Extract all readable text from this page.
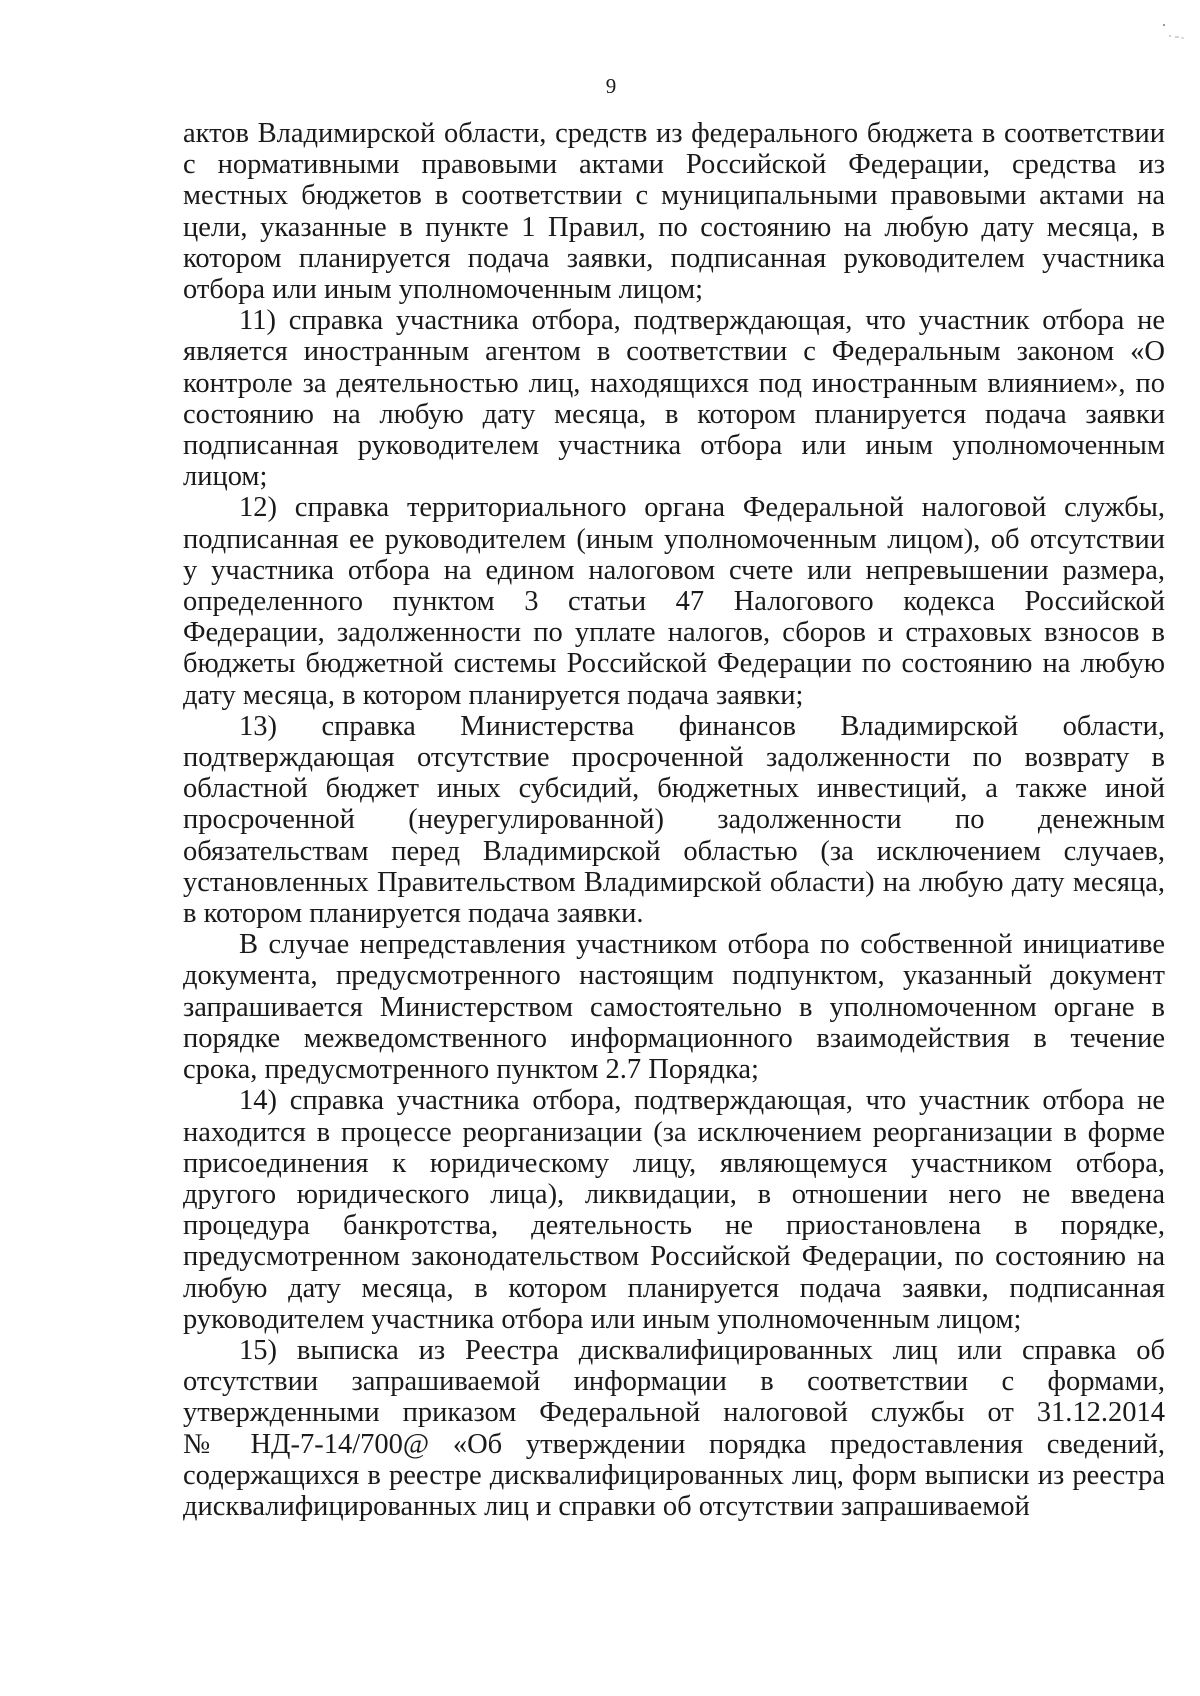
9
актов Владимирской области, средств из федерального бюджета в соответствии
с нормативными правовыми актами Российской Федерации, средства из
местных бюджетов в соответствии с муниципальными правовыми актами на
цели, указанные в пункте 1 Правил, по состоянию на любую дату месяца, в
котором планируется подача заявки, подписанная руководителем участника
отбора или иным уполномоченным лицом;
11) справка участника отбора, подтверждающая, что участник отбора не
является иностранным агентом в соответствии с Федеральным законом «О
контроле за деятельностью лиц, находящихся под иностранным влиянием», по
состоянию на любую дату месяца, в котором планируется подача заявки
подписанная руководителем участника отбора или иным уполномоченным
лицом;
12) справка территориального органа Федеральной налоговой службы,
подписанная ее руководителем (иным уполномоченным лицом), об отсутствии
у участника отбора на едином налоговом счете или непревышении размера,
определенного пунктом 3 статьи 47 Налогового кодекса Российской
Федерации, задолженности по уплате налогов, сборов и страховых взносов в
бюджеты бюджетной системы Российской Федерации по состоянию на любую
дату месяца, в котором планируется подача заявки;
13) справка Министерства финансов Владимирской области,
подтверждающая отсутствие просроченной задолженности по возврату в
областной бюджет иных субсидий, бюджетных инвестиций, а также иной
просроченной (неурегулированной) задолженности по денежным
обязательствам перед Владимирской областью (за исключением случаев,
установленных Правительством Владимирской области) на любую дату месяца,
в котором планируется подача заявки.
В случае непредставления участником отбора по собственной инициативе
документа, предусмотренного настоящим подпунктом, указанный документ
запрашивается Министерством самостоятельно в уполномоченном органе в
порядке межведомственного информационного взаимодействия в течение
срока, предусмотренного пунктом 2.7 Порядка;
14) справка участника отбора, подтверждающая, что участник отбора не
находится в процессе реорганизации (за исключением реорганизации в форме
присоединения к юридическому лицу, являющемуся участником отбора,
другого юридического лица), ликвидации, в отношении него не введена
процедура банкротства, деятельность не приостановлена в порядке,
предусмотренном законодательством Российской Федерации, по состоянию на
любую дату месяца, в котором планируется подача заявки, подписанная
руководителем участника отбора или иным уполномоченным лицом;
15) выписка из Реестра дисквалифицированных лиц или справка об
отсутствии запрашиваемой информации в соответствии с формами,
утвержденными приказом Федеральной налоговой службы от 31.12.2014
№ НД-7-14/700@ «Об утверждении порядка предоставления сведений,
содержащихся в реестре дисквалифицированных лиц, форм выписки из реестра
дисквалифицированных лиц и справки об отсутствии запрашиваемой
